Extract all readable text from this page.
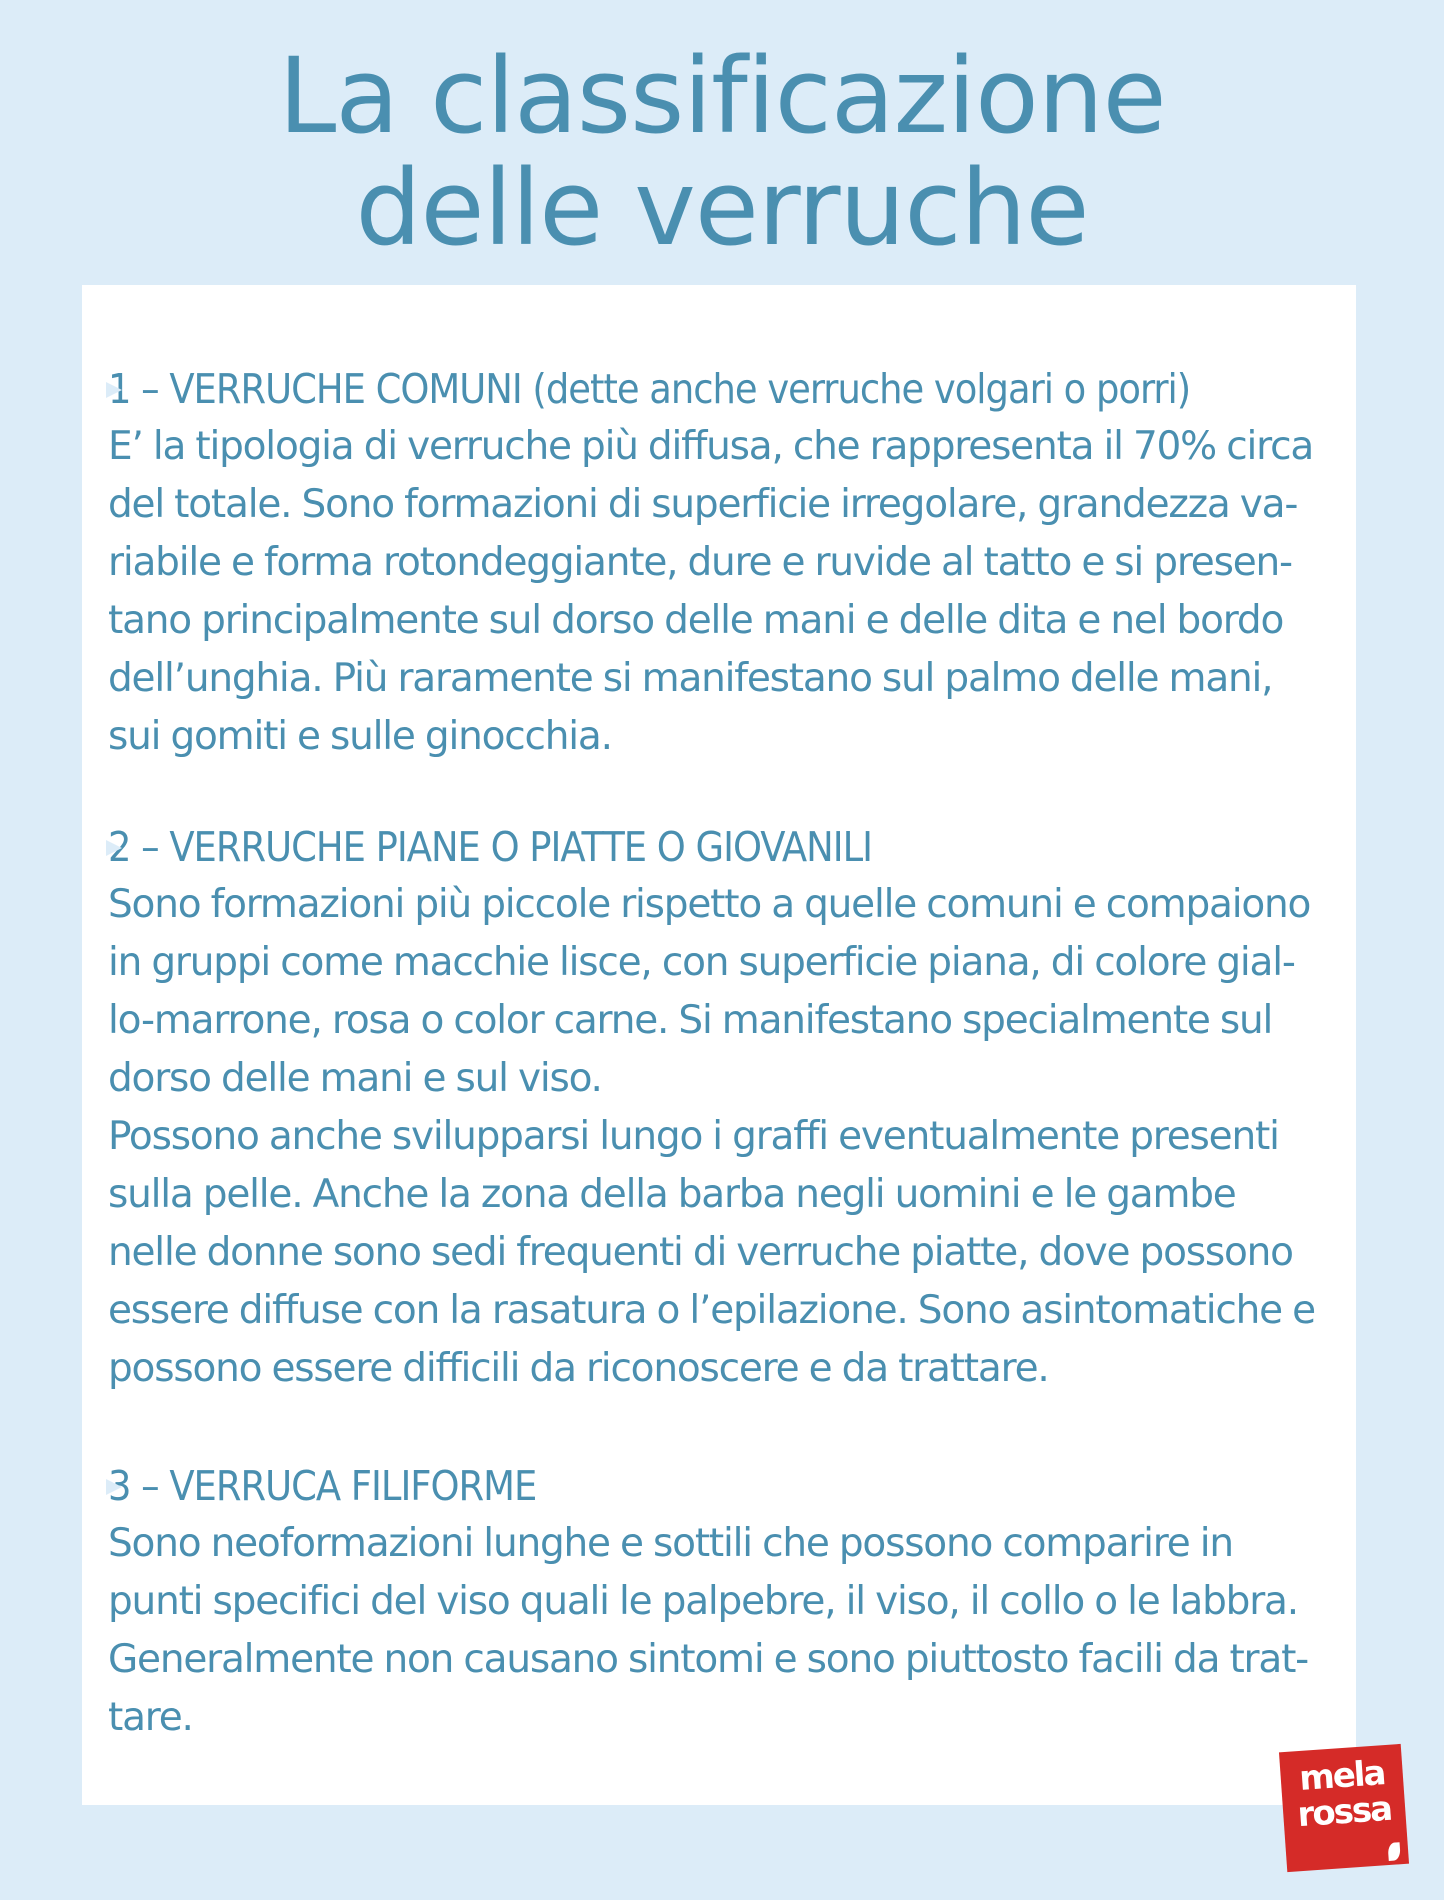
La classificazione
delle verruche
1 – VERRUCHE COMUNI (dette anche verruche volgari o porri)

E’ la tipologia di verruche più diffusa, che rappresenta il 70% circa
del totale. Sono formazioni di superficie irregolare, grandezza va-
riabile e forma rotondeggiante, dure e ruvide al tatto e si presen-
tano principalmente sul dorso delle mani e delle dita e nel bordo
dell’unghia. Più raramente si manifestano sul palmo delle mani,
sui gomiti e sulle ginocchia.

2 – VERRUCHE PIANE O PIATTE O GIOVANILI

Sono formazioni più piccole rispetto a quelle comuni e compaiono
in gruppi come macchie lisce, con superficie piana, di colore gial-
lo-marrone, rosa o color carne. Si manifestano specialmente sul
dorso delle mani e sul viso.
Possono anche svilupparsi lungo i graffi eventualmente presenti
sulla pelle. Anche la zona della barba negli uomini e le gambe
nelle donne sono sedi frequenti di verruche piatte, dove possono
essere diffuse con la rasatura o l’epilazione. Sono asintomatiche e
possono essere difficili da riconoscere e da trattare.

3 – VERRUCA FILIFORME

Sono neoformazioni lunghe e sottili che possono comparire in
punti specifici del viso quali le palpebre, il viso, il collo o le labbra.
Generalmente non causano sintomi e sono piuttosto facili da trat-
tare.

mela
rossa
